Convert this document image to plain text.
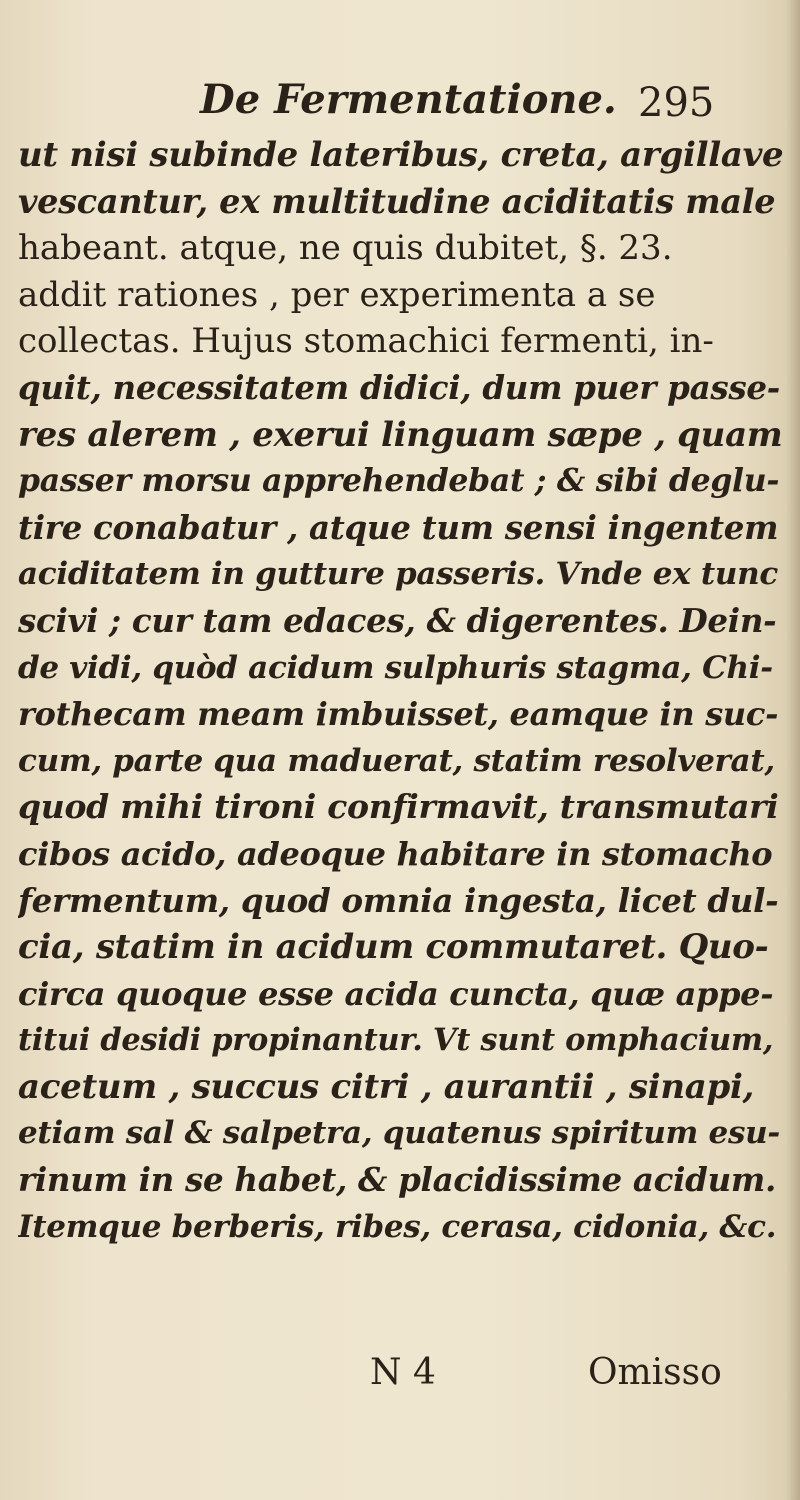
De Fermentatione. 295
ut nisi subinde lateribus, creta, argillave
vescantur, ex multitudine aciditatis male
habeant. atque, ne quis dubitet, §. 23.
addit rationes , per experimenta a se
collectas. Hujus stomachici fermenti, in-
quit, necessitatem didici, dum puer passe-
res alerem , exerui linguam sæpe , quam
passer morsu apprehendebat ; & sibi deglu-
tire conabatur , atque tum sensi ingentem
aciditatem in gutture passeris. Vnde ex tunc
scivi ; cur tam edaces, & digerentes. Dein-
de vidi, quòd acidum sulphuris stagma, Chi-
rothecam meam imbuisset, eamque in suc-
cum, parte qua maduerat, statim resolverat,
quod mihi tironi confirmavit, transmutari
cibos acido, adeoque habitare in stomacho
fermentum, quod omnia ingesta, licet dul-
cia, statim in acidum commutaret. Quo-
circa quoque esse acida cuncta, quæ appe-
titui desidi propinantur. Vt sunt omphacium,
acetum , succus citri , aurantii , sinapi,
etiam sal & salpetra, quatenus spiritum esu-
rinum in se habet, & placidissime acidum.
Itemque berberis, ribes, cerasa, cidonia, &c.
N 4	Omisso
